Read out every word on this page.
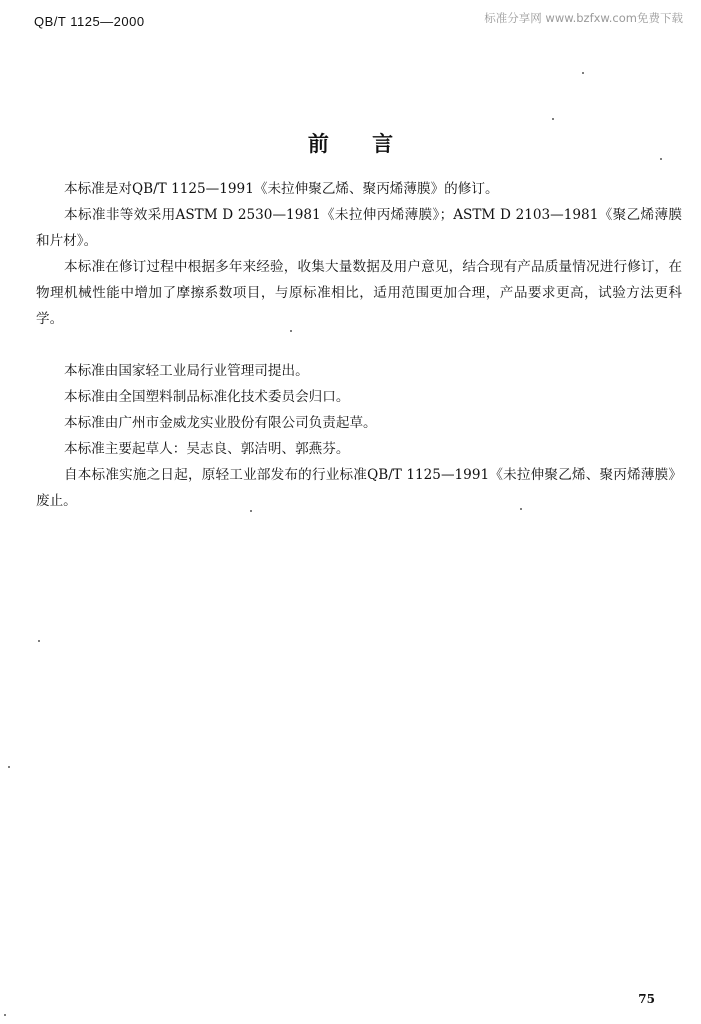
QB/T 1125—2000	标准分享网 www.bzfxw.com免费下载
前 言

本标准是对QB/T 1125—1991《未拉伸聚乙烯、聚丙烯薄膜》的修订。

本标准非等效采用ASTM D 2530—1981《未拉伸丙烯薄膜》；ASTM D 2103—1981《聚乙烯薄膜和片材》。

本标准在修订过程中根据多年来经验，收集大量数据及用户意见，结合现有产品质量情况进行修订，在物理机械性能中增加了摩擦系数项目，与原标准相比，适用范围更加合理，产品要求更高，试验方法更科学。

本标准由国家轻工业局行业管理司提出。

本标准由全国塑料制品标准化技术委员会归口。

本标准由广州市金威龙实业股份有限公司负责起草。

本标准主要起草人：吴志良、郭洁明、郭燕芬。

自本标准实施之日起，原轻工业部发布的行业标准QB/T 1125—1991《未拉伸聚乙烯、聚丙烯薄膜》废止。

75
